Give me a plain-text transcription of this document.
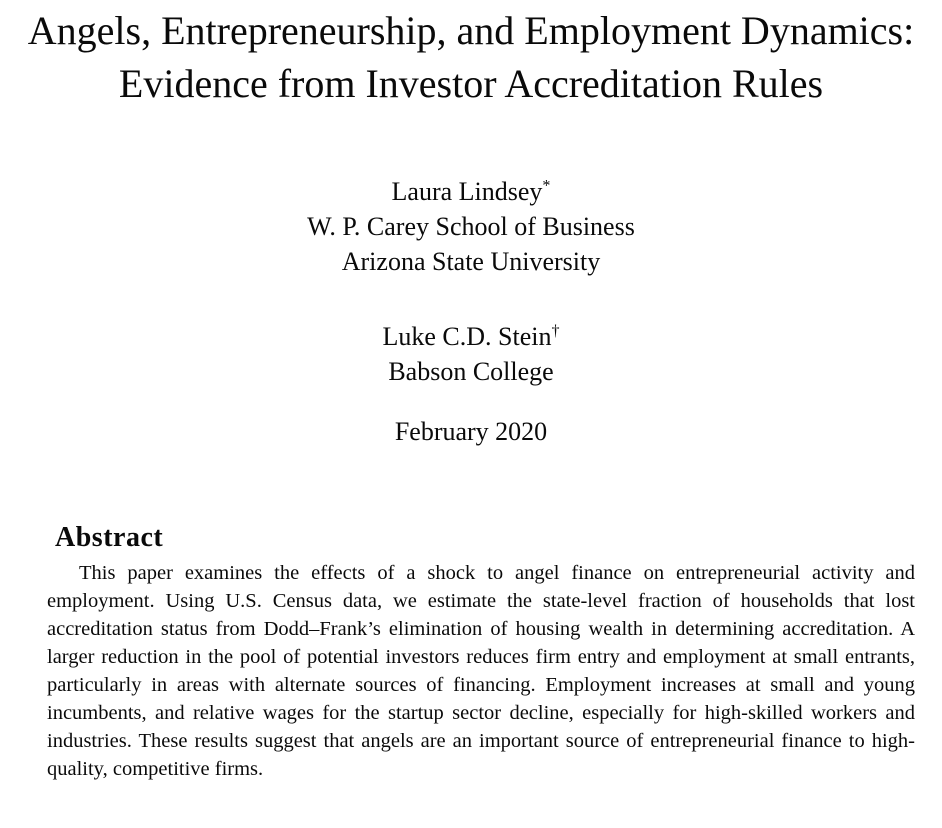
Angels, Entrepreneurship, and Employment Dynamics:
Evidence from Investor Accreditation Rules
Laura Lindsey*
W. P. Carey School of Business
Arizona State University
Luke C.D. Stein†
Babson College
February 2020
Abstract

This paper examines the effects of a shock to angel finance on entrepreneurial activity and employment. Using U.S. Census data, we estimate the state-level fraction of households that lost accreditation status from Dodd–Frank’s elimination of housing wealth in determining accreditation. A larger reduction in the pool of potential investors reduces firm entry and employment at small entrants, particularly in areas with alternate sources of financing. Employment increases at small and young incumbents, and relative wages for the startup sector decline, especially for high-skilled workers and industries. These results suggest that angels are an important source of entrepreneurial finance to high-quality, competitive firms.
